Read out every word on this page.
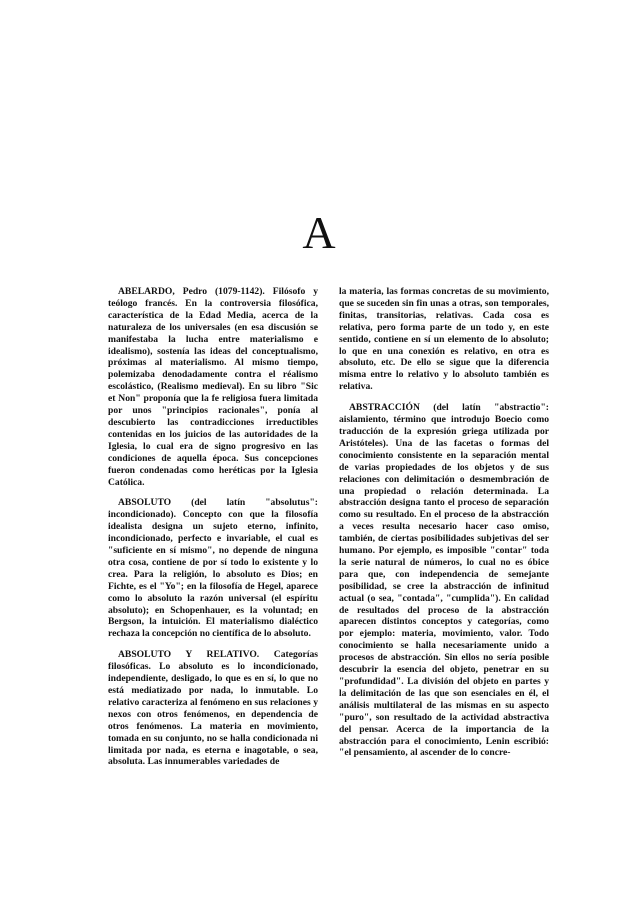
A

ABELARDO, Pedro (1079-1142). Filósofo y teólogo francés. En la controversia filosófica, característica de la Edad Media, acerca de la naturaleza de los universales (en esa discusión se manifestaba la lucha entre materialismo e idealismo), sostenía las ideas del conceptualismo, próximas al materialismo. Al mismo tiempo, polemizaba denodadamente contra el réalismo escolástico, (Realismo medieval). En su libro "Sic et Non" proponía que la fe religiosa fuera limitada por unos "principios racionales", ponía al descubierto las contradicciones irreductibles contenidas en los juicios de las autoridades de la Iglesia, lo cual era de signo progresivo en las condiciones de aquella época. Sus concepciones fueron condenadas como heréticas por la Iglesia Católica.

ABSOLUTO (del latín "absolutus": incondicionado). Concepto con que la filosofía idealista designa un sujeto eterno, infinito, incondicionado, perfecto e invariable, el cual es "suficiente en sí mismo", no depende de ninguna otra cosa, contiene de por sí todo lo existente y lo crea. Para la religión, lo absoluto es Dios; en Fichte, es el "Yo"; en la filosofía de Hegel, aparece como lo absoluto la razón universal (el espíritu absoluto); en Schopenhauer, es la voluntad; en Bergson, la intuición. El materialismo dialéctico rechaza la concepción no científica de lo absoluto.

ABSOLUTO Y RELATIVO. Categorías filosóficas. Lo absoluto es lo incondicionado, independiente, desligado, lo que es en sí, lo que no está mediatizado por nada, lo inmutable. Lo relativo caracteriza al fenómeno en sus relaciones y nexos con otros fenómenos, en dependencia de otros fenómenos. La materia en movimiento, tomada en su conjunto, no se halla condicionada ni limitada por nada, es eterna e inagotable, o sea, absoluta. Las innumerables variedades de

la materia, las formas concretas de su movimiento, que se suceden sin fin unas a otras, son temporales, finitas, transitorias, relativas. Cada cosa es relativa, pero forma parte de un todo y, en este sentido, contiene en sí un elemento de lo absoluto; lo que en una conexión es relativo, en otra es absoluto, etc. De ello se sigue que la diferencia misma entre lo relativo y lo absoluto también es relativa.

ABSTRACCIÓN (del latín "abstractio": aislamiento, término que introdujo Boecio como traducción de la expresión griega utilizada por Aristóteles). Una de las facetas o formas del conocimiento consistente en la separación mental de varias propiedades de los objetos y de sus relaciones con delimitación o desmembración de una propiedad o relación determinada. La abstracción designa tanto el proceso de separación como su resultado. En el proceso de la abstracción a veces resulta necesario hacer caso omiso, también, de ciertas posibilidades subjetivas del ser humano. Por ejemplo, es imposible "contar" toda la serie natural de números, lo cual no es óbice para que, con independencia de semejante posibilidad, se cree la abstracción de infinitud actual (o sea, "contada", "cumplida"). En calidad de resultados del proceso de la abstracción aparecen distintos conceptos y categorías, como por ejemplo: materia, movimiento, valor. Todo conocimiento se halla necesariamente unido a procesos de abstracción. Sin ellos no sería posible descubrir la esencia del objeto, penetrar en su "profundidad". La división del objeto en partes y la delimitación de las que son esenciales en él, el análisis multilateral de las mismas en su aspecto "puro", son resultado de la actividad abstractiva del pensar. Acerca de la importancia de la abstracción para el conocimiento, Lenin escribió: "el pensamiento, al ascender de lo concre-
